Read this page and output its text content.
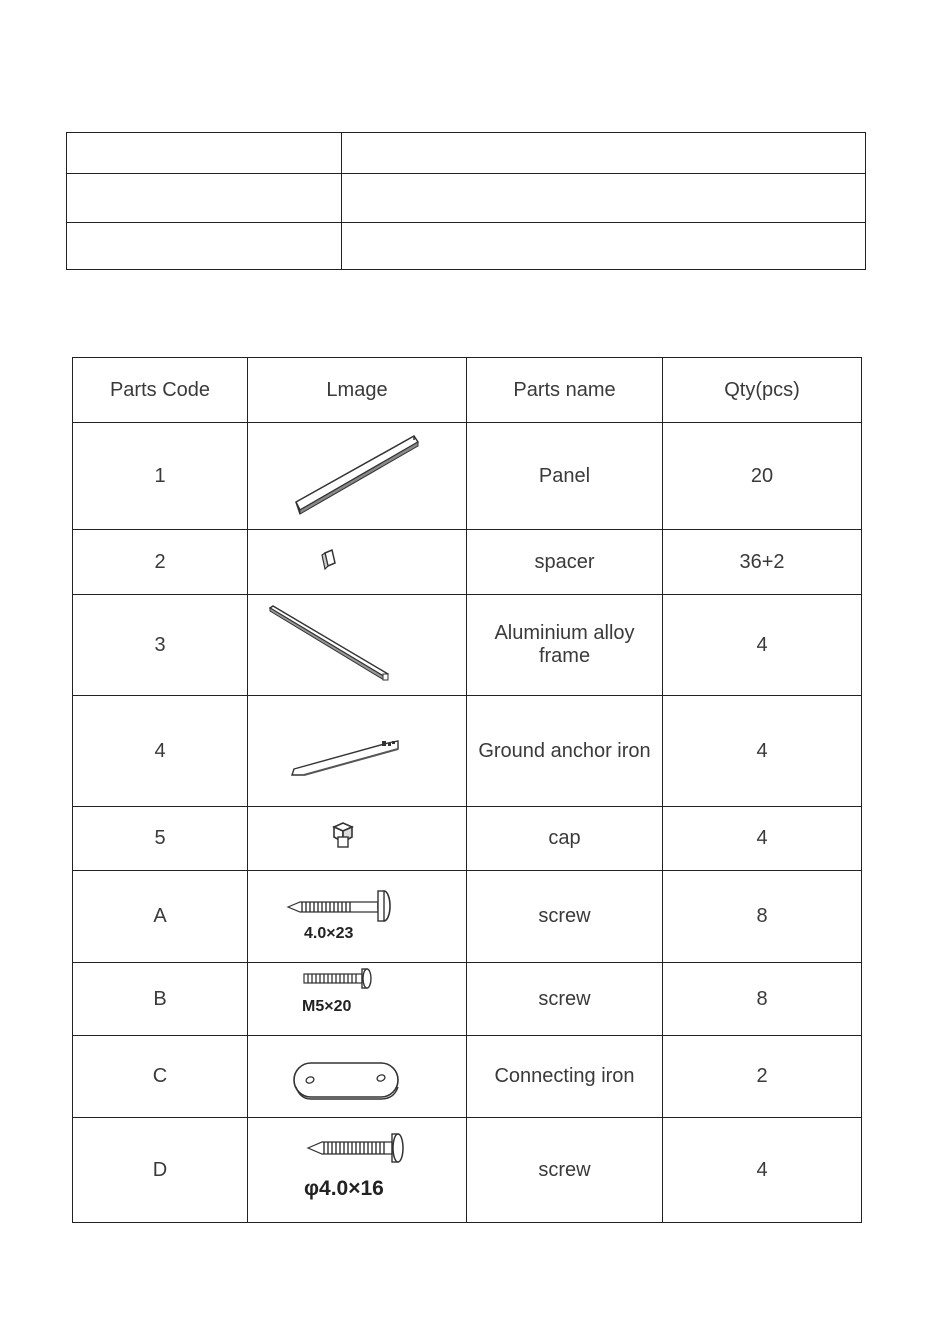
Parts Code	Lmage	Parts name	Qty(pcs)
1		Panel	20
2		spacer	36+2
3		Aluminium alloy frame	4
4		Ground anchor iron	4
5		cap	4
A	4.0×23	screw	8
B	M5×20	screw	8
C		Connecting iron	2
D	φ4.0×16	screw	4
